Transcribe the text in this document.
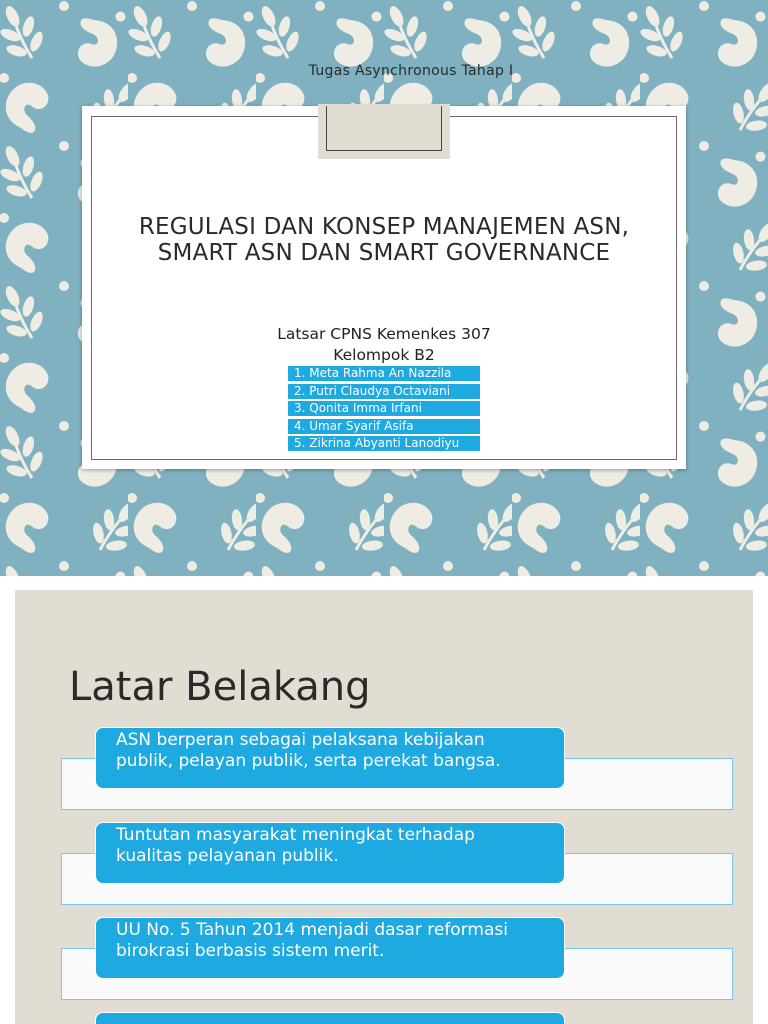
Tugas Asynchronous Tahap I
REGULASI DAN KONSEP MANAJEMEN ASN,
SMART ASN DAN SMART GOVERNANCE
Latsar CPNS Kemenkes 307
Kelompok B2
1. Meta Rahma An Nazzila
2. Putri Claudya Octaviani
3. Qonita Imma Irfani
4. Umar Syarif Asifa
5. Zikrina Abyanti Lanodiyu
Latar Belakang
ASN berperan sebagai pelaksana kebijakan publik, pelayan publik, serta perekat bangsa.
Tuntutan masyarakat meningkat terhadap kualitas pelayanan publik.
UU No. 5 Tahun 2014 menjadi dasar reformasi birokrasi berbasis sistem merit.
